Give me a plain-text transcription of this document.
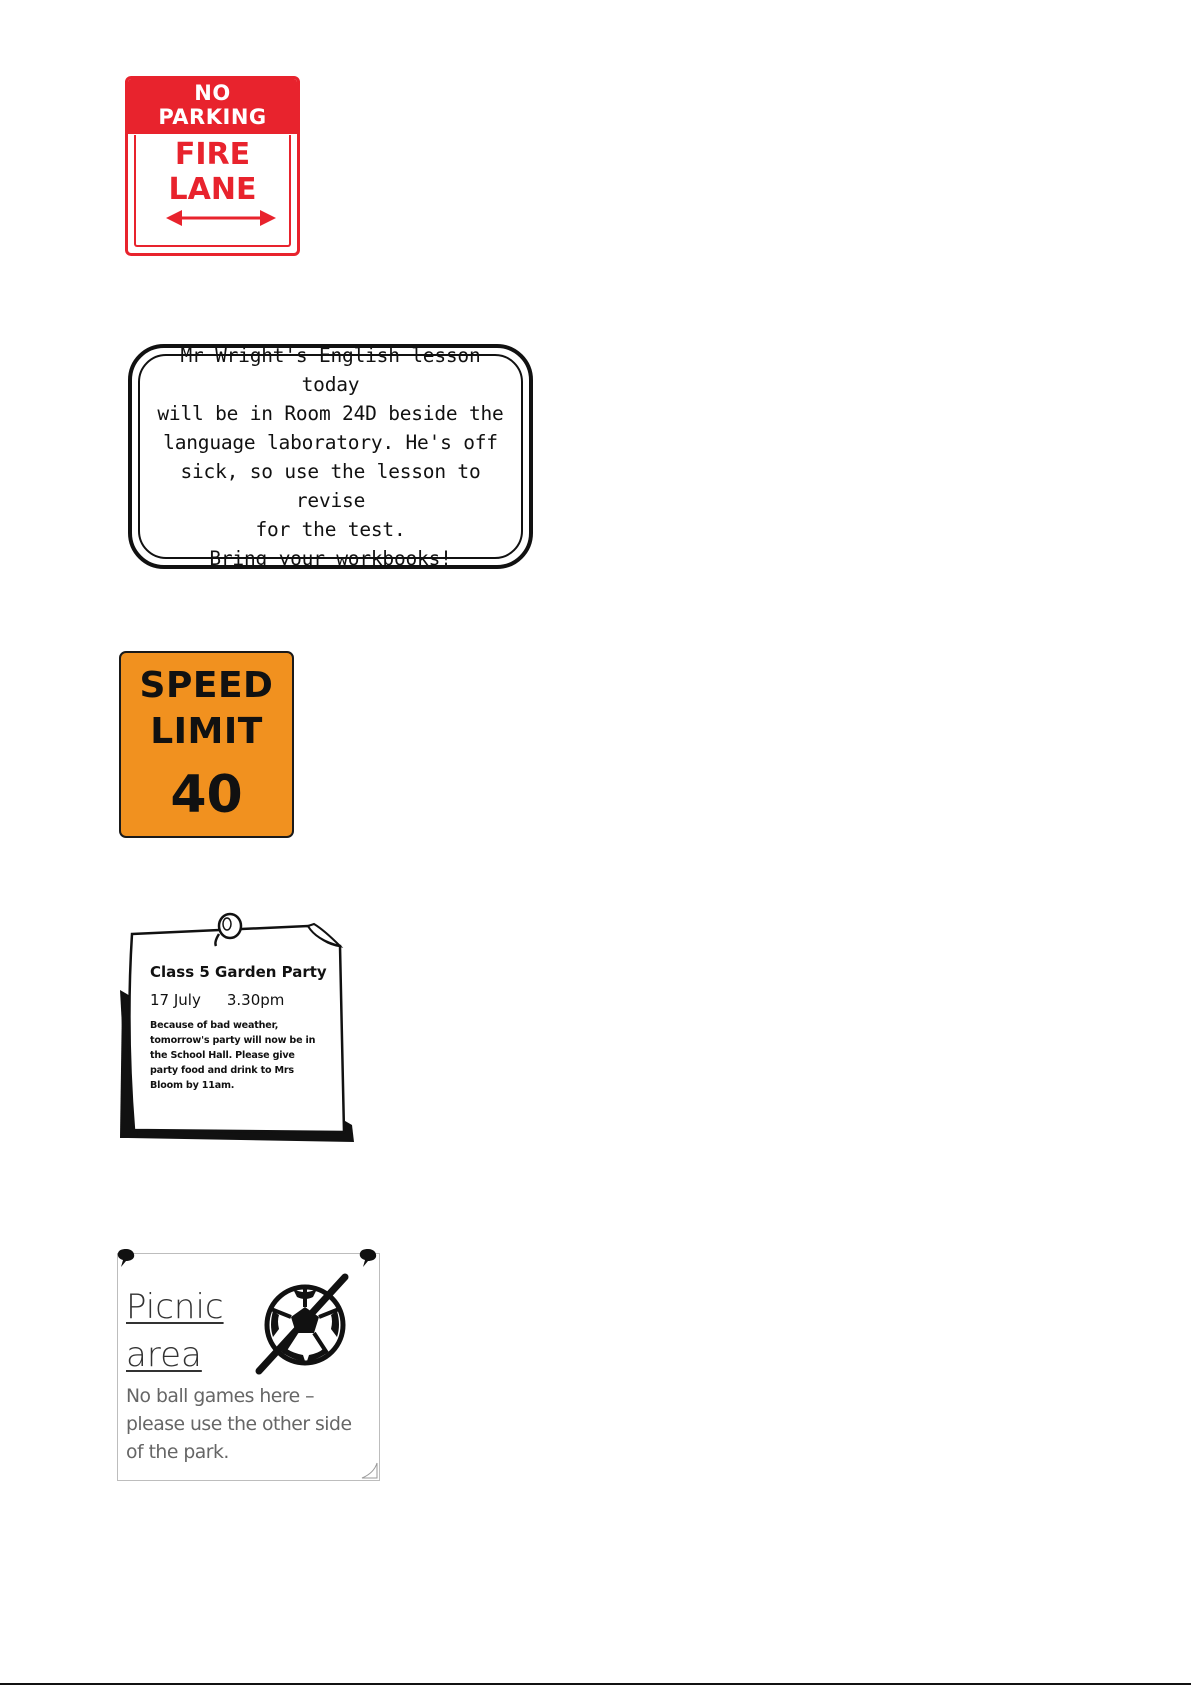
NO
PARKING
FIRE
LANE
Mr Wright's English lesson today
will be in Room 24D beside the
language laboratory. He's off
sick, so use the lesson to revise
for the test.
Bring your workbooks!
SPEED
LIMIT
40
Class 5 Garden Party
17 July 3.30pm
Because of bad weather,
tomorrow's party will now be in
the School Hall. Please give
party food and drink to Mrs
Bloom by 11am.
Picnic
area
No ball games here –
please use the other side
of the park.
